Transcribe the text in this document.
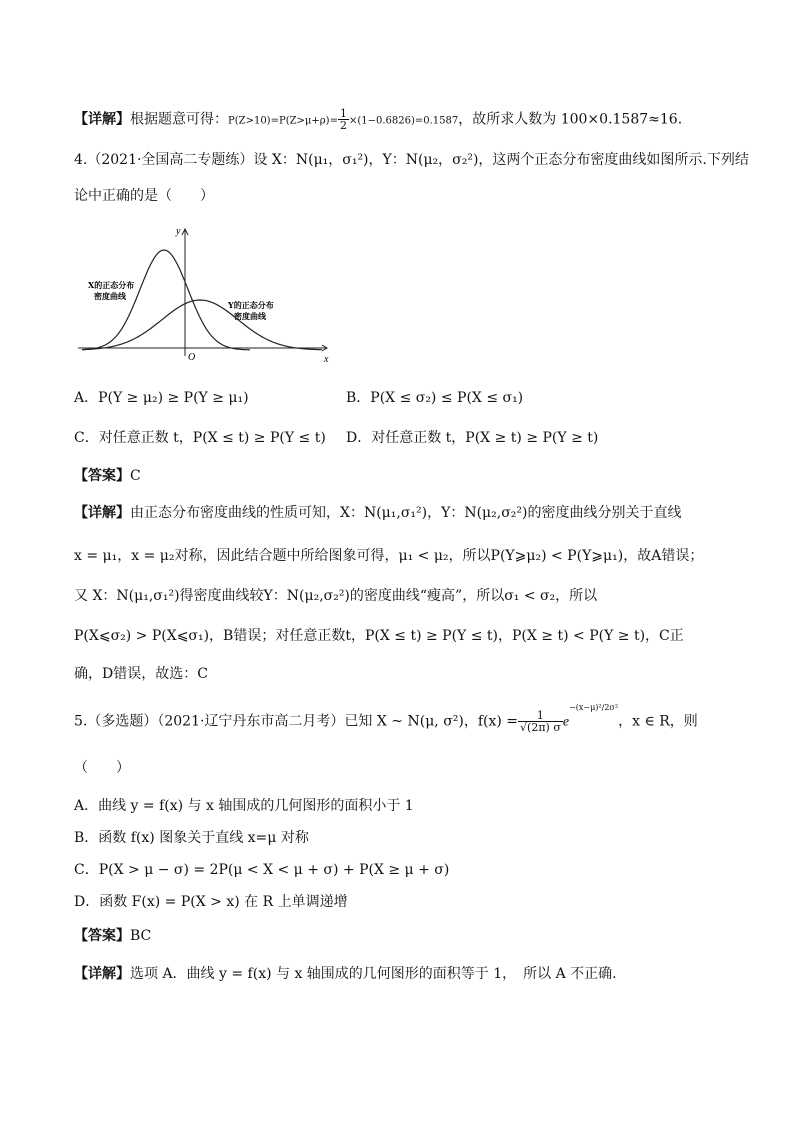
【详解】根据题意可得：$P(Z>10)=P(Z>\mu+\rho)= \frac{1}{2} \times(1-0.6826)=0.1587$，故所求人数为 100×0.1587≈16.
4.（2021·全国高二专题练）设 X：N(μ₁，σ₁²)，Y：N(μ₂，σ₂²)，这两个正态分布密度曲线如图所示.下列结
论中正确的是（　　）
y
x
O
X的正态分布
密度曲线
Y的正态分布
密度曲线
A．P(Y ≥ μ₂) ≥ P(Y ≥ μ₁)	B．P(X ≤ σ₂) ≤ P(X ≤ σ₁)
C．对任意正数 t，P(X ≤ t) ≥ P(Y ≤ t) D．对任意正数 t，P(X ≥ t) ≥ P(Y ≥ t)
【答案】C
【详解】由正态分布密度曲线的性质可知，X：N(μ₁,σ₁²)，Y：N(μ₂,σ₂²)的密度曲线分别关于直线
x = μ₁，x = μ₂对称，因此结合题中所给图象可得，μ₁ < μ₂，所以P(Y⩾μ₂) < P(Y⩾μ₁)，故A错误；
又 X：N(μ₁,σ₁²)得密度曲线较Y：N(μ₂,σ₂²)的密度曲线“瘦高”，所以σ₁ < σ₂，所以
P(X⩽σ₂) > P(X⩽σ₁)，B错误；对任意正数t，P(X ≤ t) ≥ P(Y ≤ t)，P(X ≥ t) < P(Y ≥ t)，C正
确，D错误，故选：C
5.（多选题）（2021·辽宁丹东市高二月考）已知 X ~ N(μ, σ²)，$f(x) = \frac{1}{√(2\pi) \sigma} e^{-(x-\mu)^2/2\sigma^2}$，x ∈ R，则
（　　）
A．曲线 y = f(x) 与 x 轴围成的几何图形的面积小于 1
B．函数 f(x) 图象关于直线 x=μ 对称
C．P(X > μ − σ) = 2P(μ < X < μ + σ) + P(X ≥ μ + σ)
D．函数 F(x) = P(X > x) 在 R 上单调递增
【答案】BC
【详解】选项 A．曲线 y = f(x) 与 x 轴围成的几何图形的面积等于 1，　所以 A 不正确.
